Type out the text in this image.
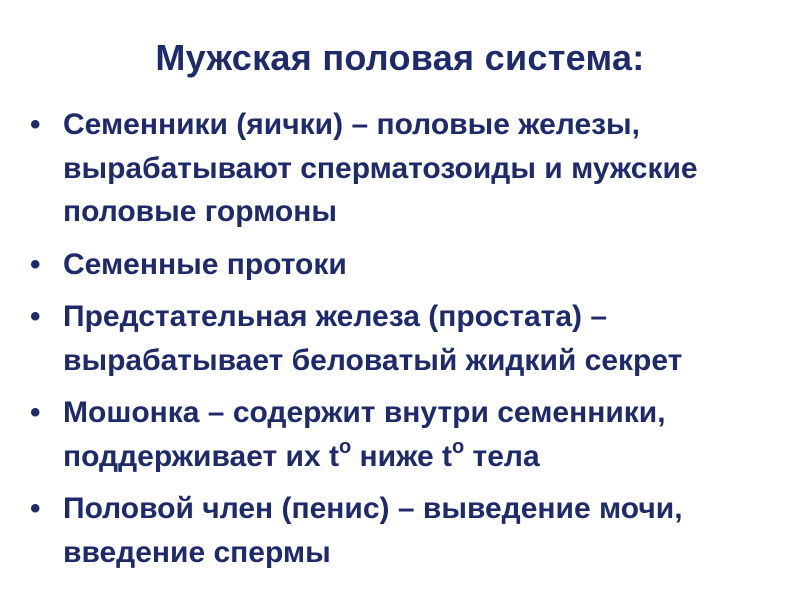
Мужская половая система:
• Семенники (яички) – половые железы, вырабатывают сперматозоиды и мужские половые гормоны
• Семенные протоки
• Предстательная железа (простата) – вырабатывает беловатый жидкий секрет
• Мошонка – содержит внутри семенники, поддерживает их $t^о$ ниже $t^о$ тела
• Половой член (пенис) – выведение мочи, введение спермы
